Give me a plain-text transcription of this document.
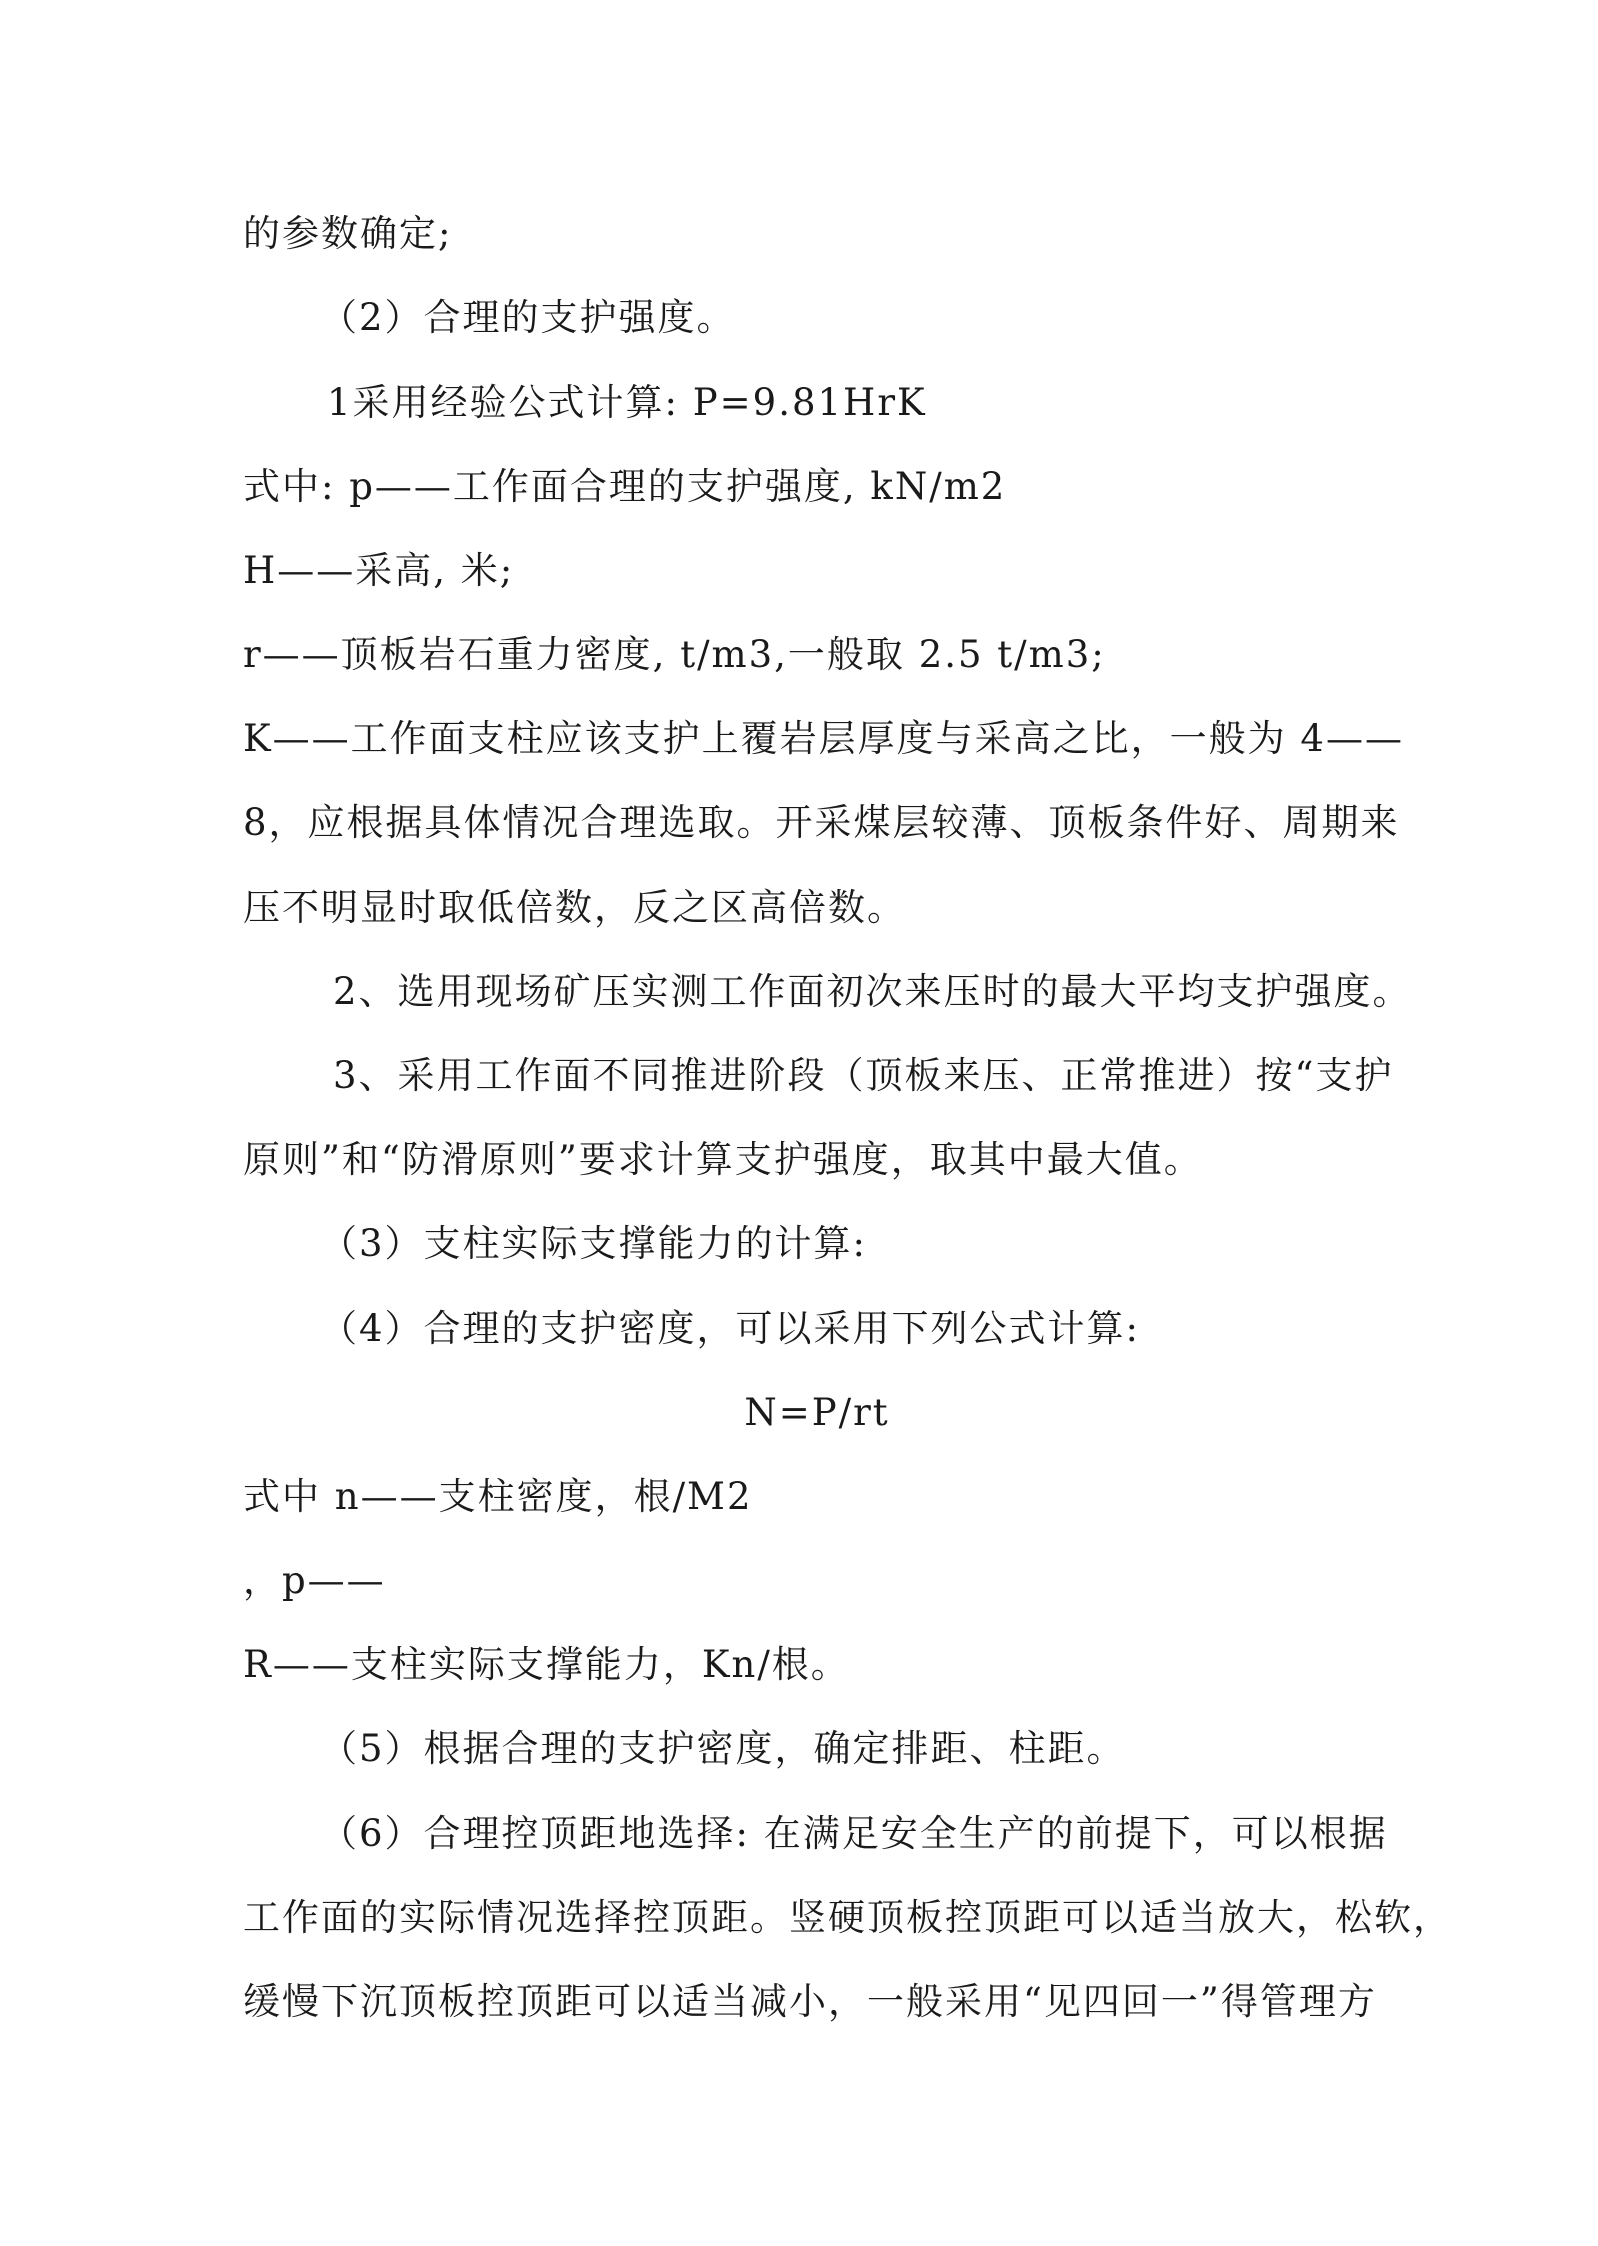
的参数确定;
（2）合理的支护强度。
1采用经验公式计算: P=9.81HrK
式中: p——工作面合理的支护强度, kN/m2
H——采高, 米;
r——顶板岩石重力密度, t/m3,一般取 2.5 t/m3;
K——工作面支柱应该支护上覆岩层厚度与采高之比，一般为 4——
8，应根据具体情况合理选取。开采煤层较薄、顶板条件好、周期来
压不明显时取低倍数，反之区高倍数。
2、选用现场矿压实测工作面初次来压时的最大平均支护强度。
3、采用工作面不同推进阶段（顶板来压、正常推进）按“支护
原则”和“防滑原则”要求计算支护强度，取其中最大值。
（3）支柱实际支撑能力的计算:
（4）合理的支护密度，可以采用下列公式计算:
N=P/rt
式中 n——支柱密度，根/M2
，p——
R——支柱实际支撑能力，Kn/根。
（5）根据合理的支护密度，确定排距、柱距。
（6）合理控顶距地选择: 在满足安全生产的前提下，可以根据
工作面的实际情况选择控顶距。竖硬顶板控顶距可以适当放大，松软，
缓慢下沉顶板控顶距可以适当减小，一般采用“见四回一”得管理方
